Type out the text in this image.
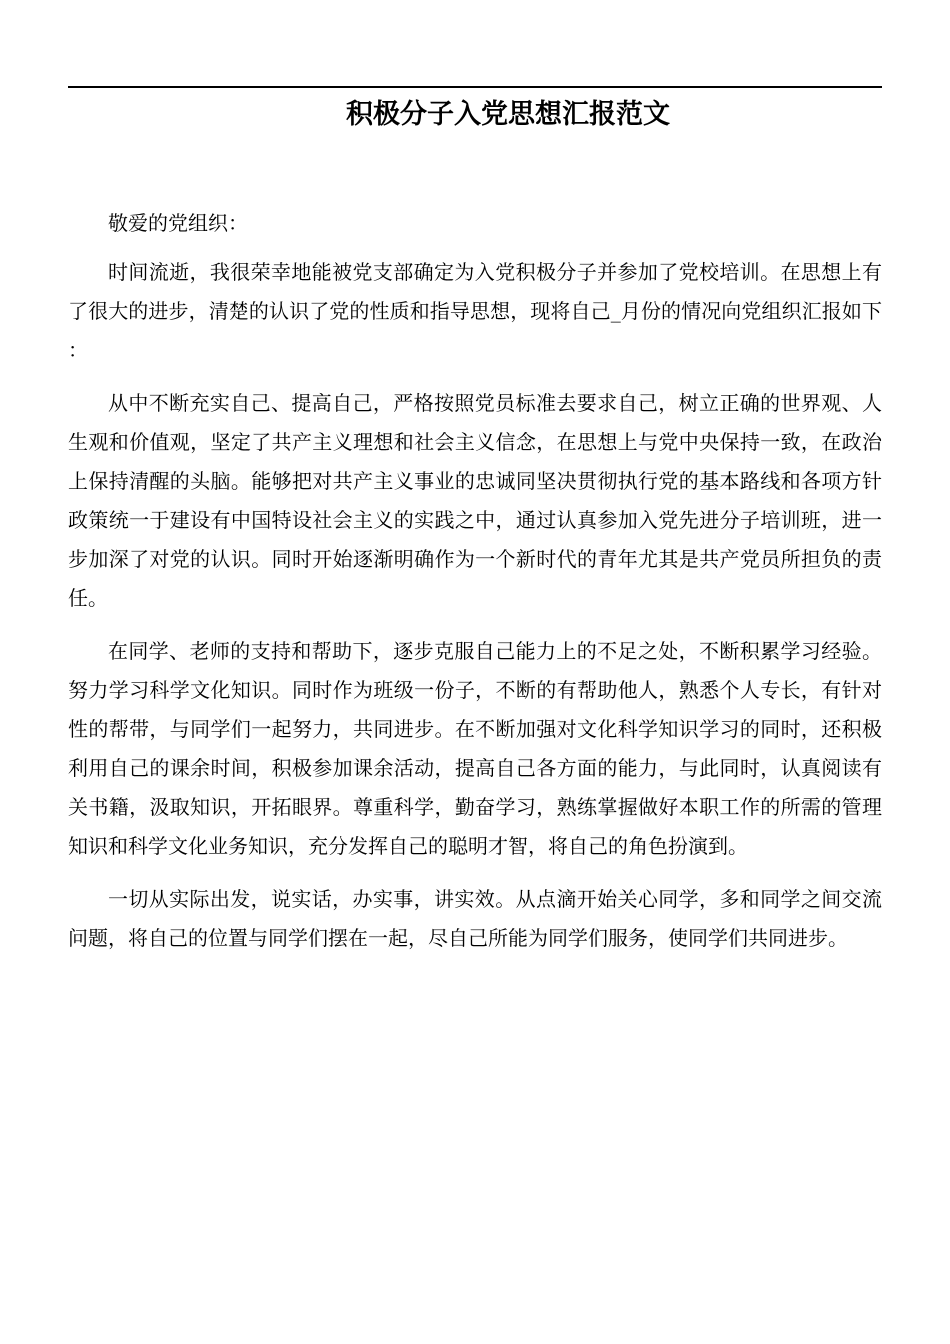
积极分子入党思想汇报范文

敬爱的党组织：

时间流逝，我很荣幸地能被党支部确定为入党积极分子并参加了党校培训。在思想上有了很大的进步，清楚的认识了党的性质和指导思想，现将自己_月份的情况向党组织汇报如下：

从中不断充实自己、提高自己，严格按照党员标准去要求自己，树立正确的世界观、人生观和价值观，坚定了共产主义理想和社会主义信念，在思想上与党中央保持一致，在政治上保持清醒的头脑。能够把对共产主义事业的忠诚同坚决贯彻执行党的基本路线和各项方针政策统一于建设有中国特设社会主义的实践之中，通过认真参加入党先进分子培训班，进一步加深了对党的认识。同时开始逐渐明确作为一个新时代的青年尤其是共产党员所担负的责任。

在同学、老师的支持和帮助下，逐步克服自己能力上的不足之处，不断积累学习经验。努力学习科学文化知识。同时作为班级一份子，不断的有帮助他人，熟悉个人专长，有针对性的帮带，与同学们一起努力，共同进步。在不断加强对文化科学知识学习的同时，还积极利用自己的课余时间，积极参加课余活动，提高自己各方面的能力，与此同时，认真阅读有关书籍，汲取知识，开拓眼界。尊重科学，勤奋学习，熟练掌握做好本职工作的所需的管理知识和科学文化业务知识，充分发挥自己的聪明才智，将自己的角色扮演到。

一切从实际出发，说实话，办实事，讲实效。从点滴开始关心同学，多和同学之间交流问题，将自己的位置与同学们摆在一起，尽自己所能为同学们服务，使同学们共同进步。
